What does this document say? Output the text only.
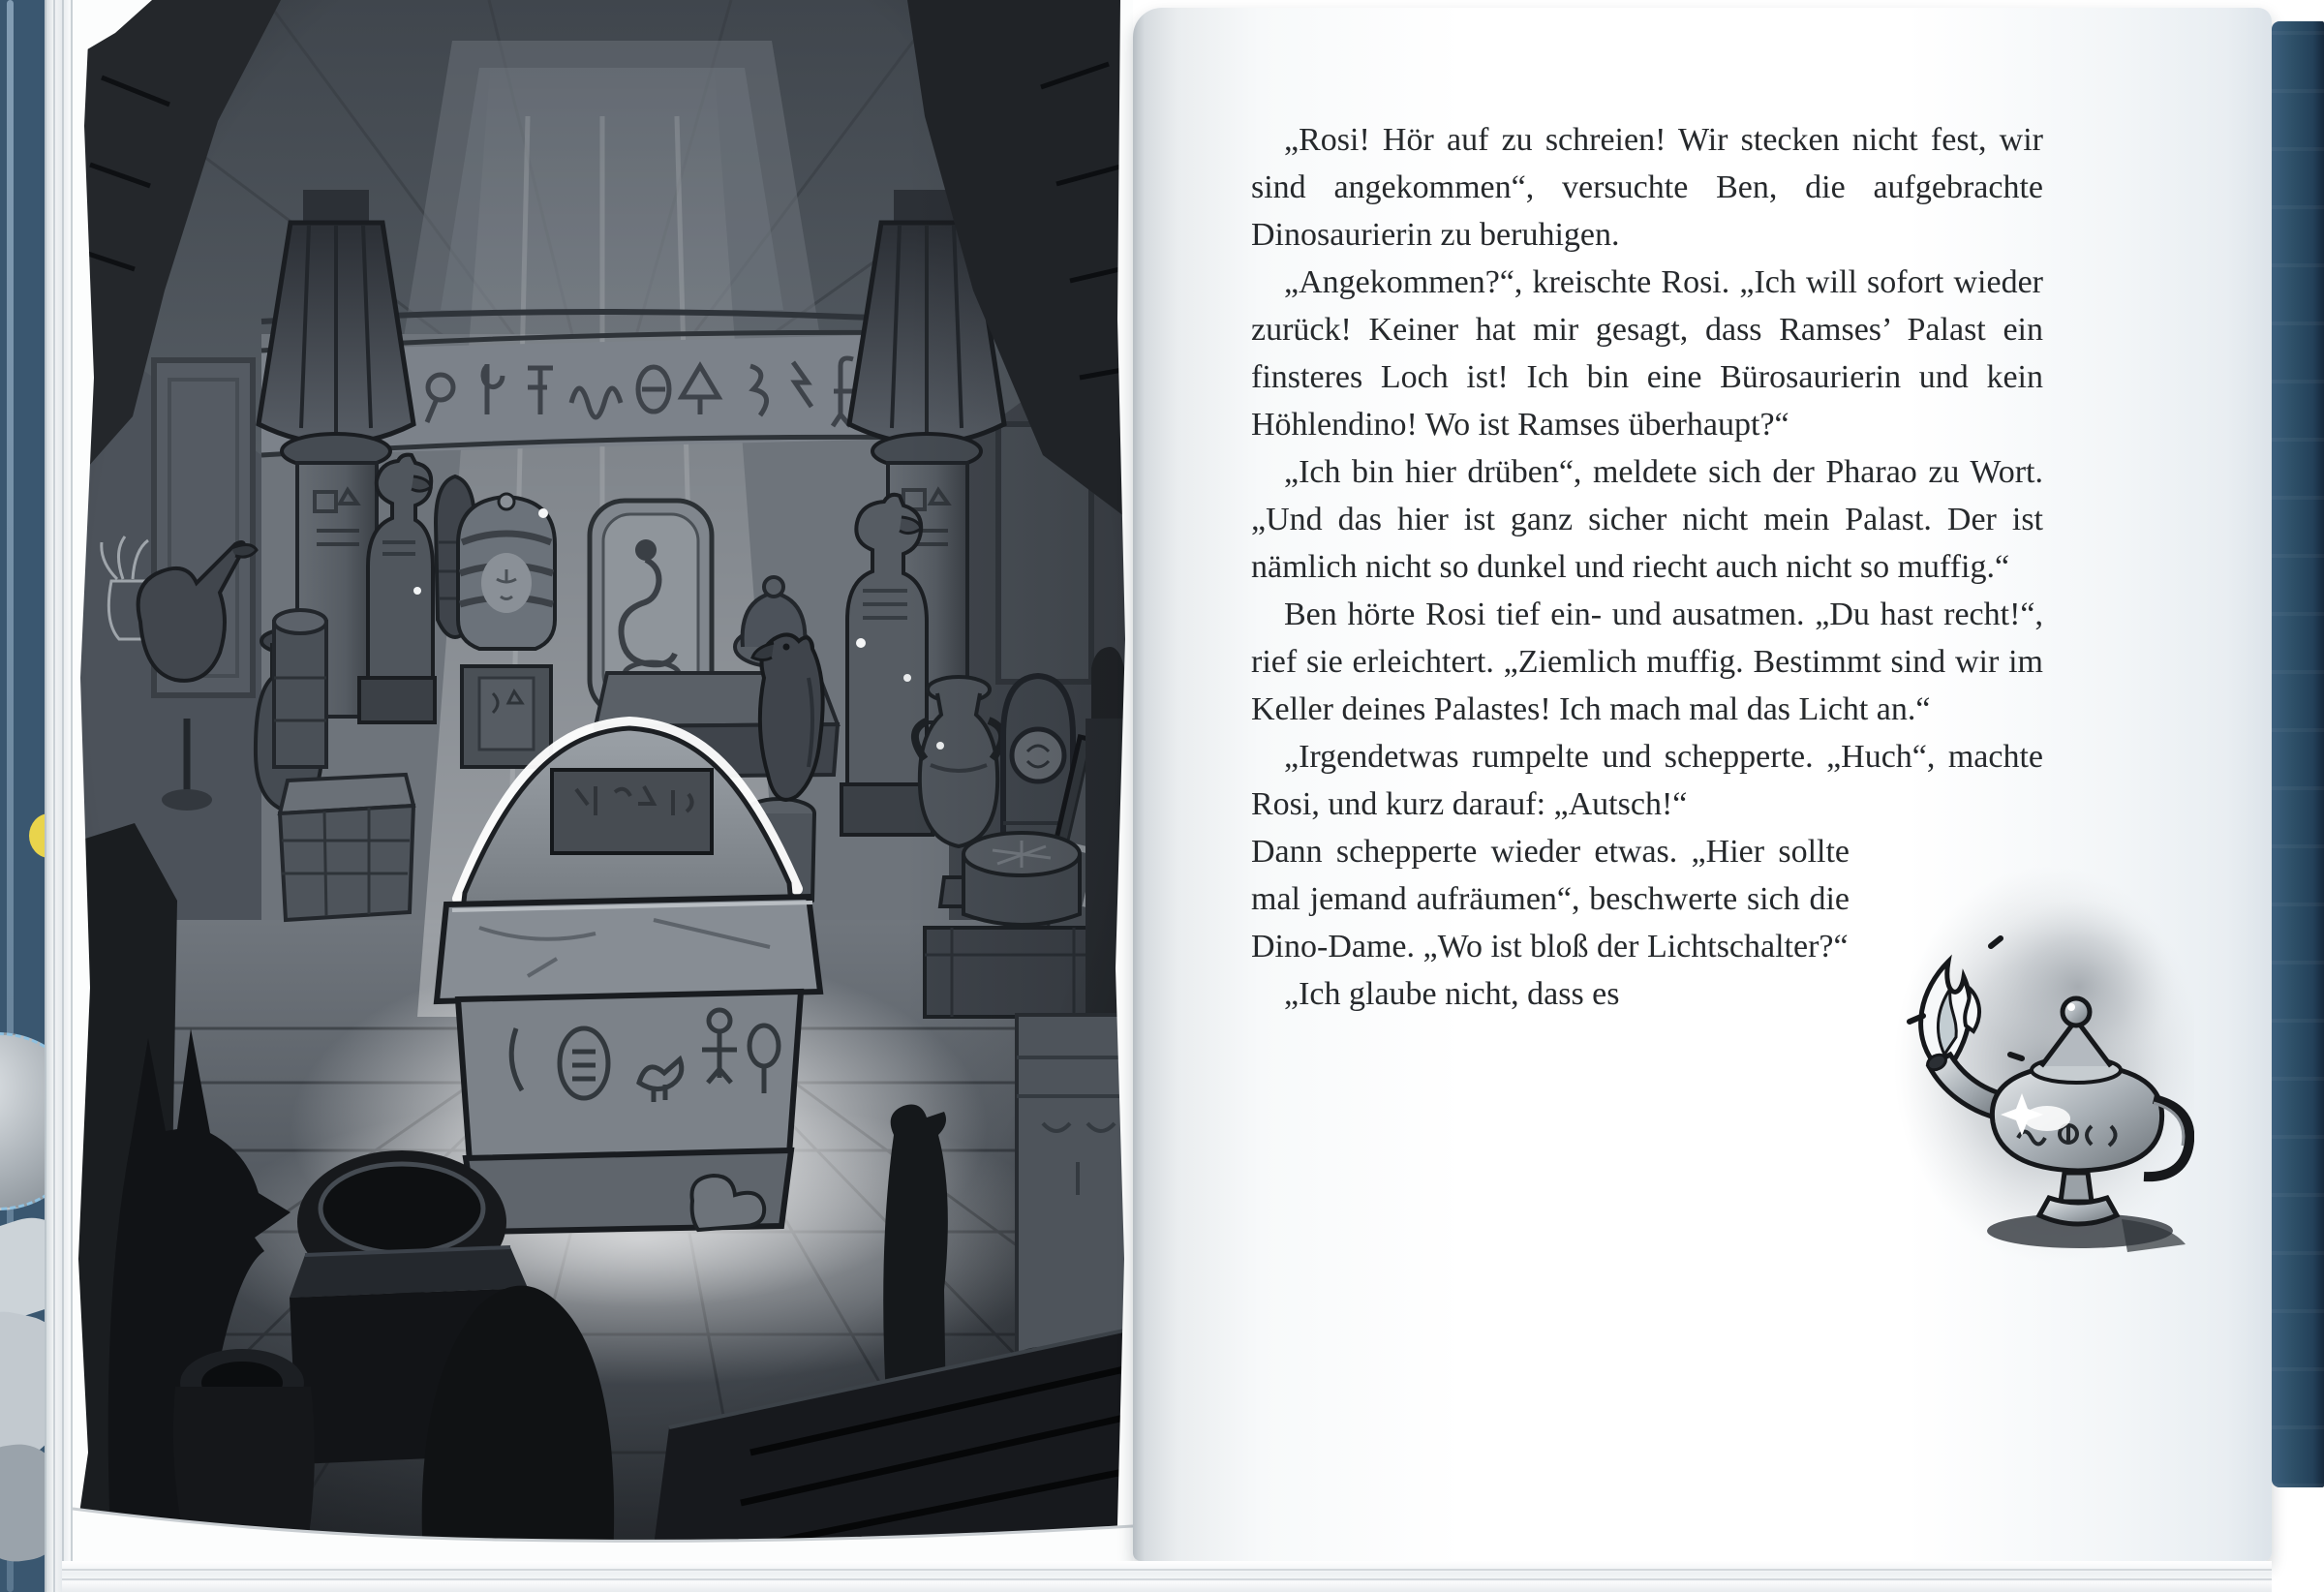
„Rosi! Hör auf zu schreien! Wir stecken nicht fest, wir sind angekommen“, versuchte Ben, die aufgebrachte Dinosaurierin zu beruhigen.

„Angekommen?“, kreischte Rosi. „Ich will sofort wieder zurück! Keiner hat mir gesagt, dass Ramses’ Palast ein finsteres Loch ist! Ich bin eine Bürosaurierin und kein Höhlendino! Wo ist Ramses überhaupt?“

„Ich bin hier drüben“, meldete sich der Pharao zu Wort. „Und das hier ist ganz sicher nicht mein Palast. Der ist nämlich nicht so dunkel und riecht auch nicht so muffig.“

Ben hörte Rosi tief ein- und ausatmen. „Du hast recht!“, rief sie erleichtert. „Ziemlich muffig. Bestimmt sind wir im Keller deines Palastes! Ich mach mal das Licht an.“

„Irgendetwas rumpelte und schepperte. „Huch“, machte Rosi, und kurz darauf: „Autsch!“

Dann schepperte wieder etwas. „Hier sollte mal jemand aufräumen“, beschwerte sich die Dino-Dame. „Wo ist bloß der Lichtschalter?“

„Ich glaube nicht, dass es
